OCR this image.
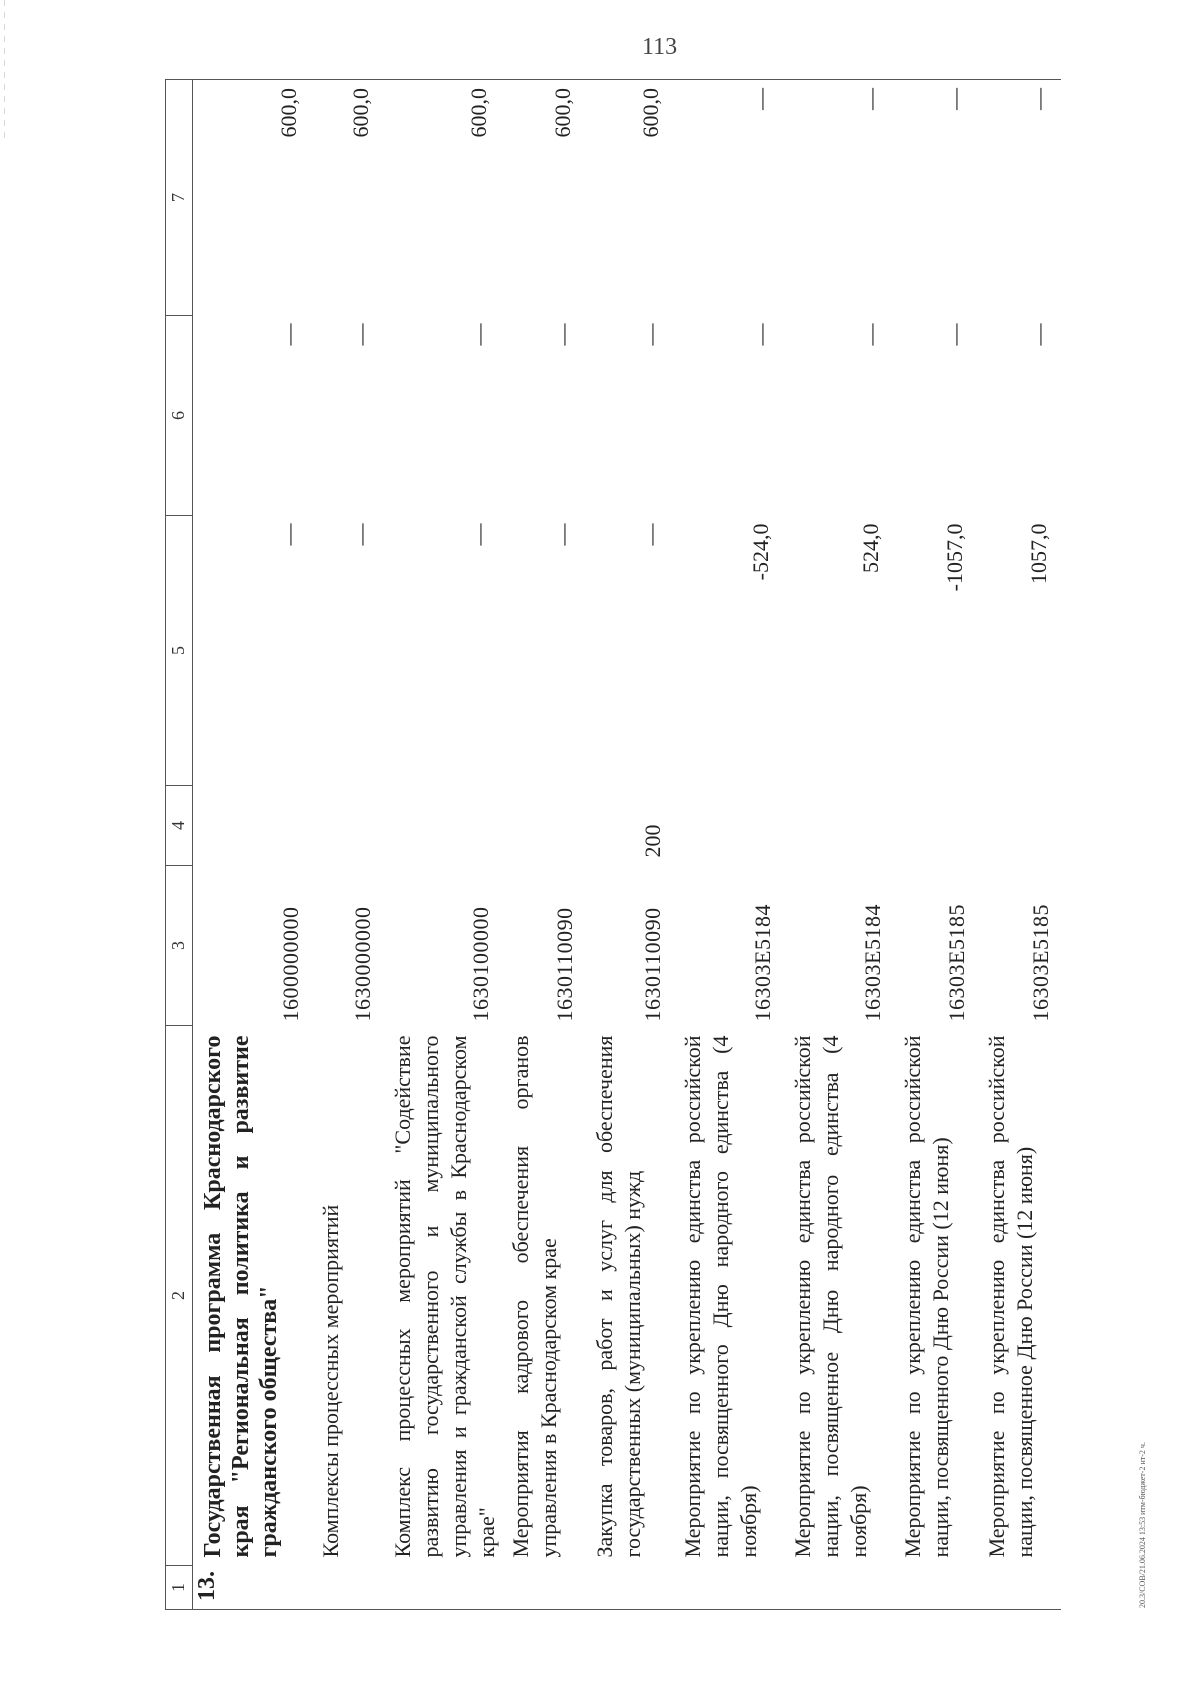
113
1	2	3	4	5	6	7
13.	Государственная программа Краснодарского края "Региональная политика и развитие гражданского общества"	1600000000		—	—	600,0
	Комплексы процессных мероприятий	1630000000		—	—	600,0
	Комплекс процессных мероприятий "Содействие развитию государственного и муниципального управления и гражданской службы в Краснодарском крае"	1630100000		—	—	600,0
	Мероприятия кадрового обеспечения органов управления в Краснодарском крае	1630110090		—	—	600,0
	Закупка товаров, работ и услуг для обеспечения государственных (муниципальных) нужд	1630110090	200	—	—	600,0
	Мероприятие по укреплению единства российской нации, посвященного Дню народного единства (4 ноября)	16303Е5184		-524,0	—	—
	Мероприятие по укреплению единства российской нации, посвященное Дню народного единства (4 ноября)	16303Е5184		524,0	—	—
	Мероприятие по укреплению единства российской нации, посвященного Дню России (12 июня)	16303Е5185		-1057,0	—	—
	Мероприятие по укреплению единства российской нации, посвященное Дню России (12 июня)	16303Е5185		1057,0	—	—
20.3/СОВ/21.06.2024 13:53 итм-бюджет-2 нт-2 ч.
